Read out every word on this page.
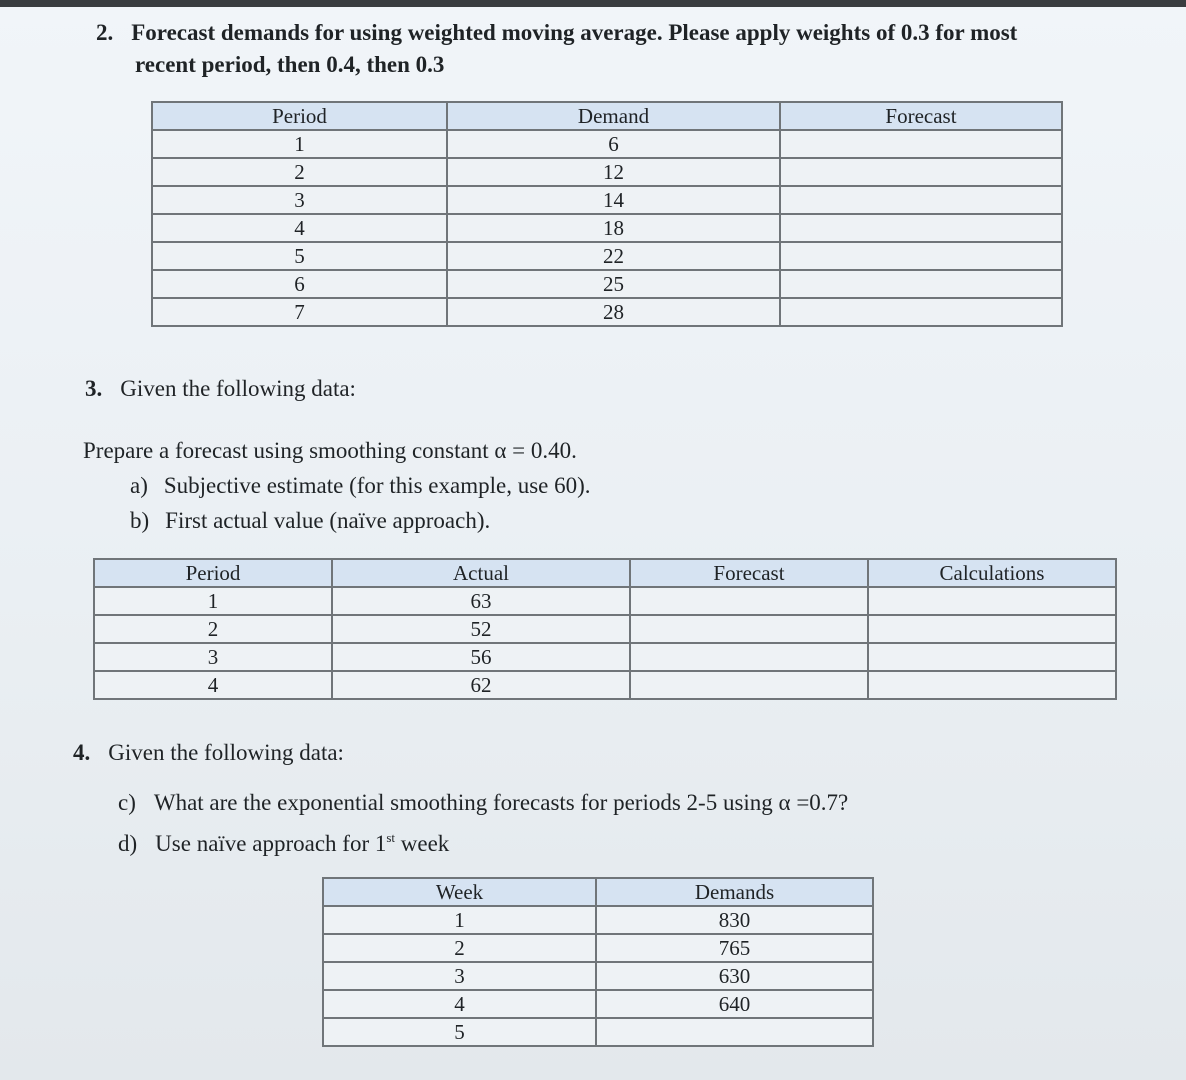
2. Forecast demands for using weighted moving average. Please apply weights of 0.3 for most
recent period, then 0.4, then 0.3
Period	Demand	Forecast
1	6	
2	12	
3	14	
4	18	
5	22	
6	25	
7	28	
3. Given the following data:
Prepare a forecast using smoothing constant α = 0.40.
a) Subjective estimate (for this example, use 60).
b) First actual value (naïve approach).
Period	Actual	Forecast	Calculations
1	63		
2	52		
3	56		
4	62		
4. Given the following data:
c) What are the exponential smoothing forecasts for periods 2-5 using α =0.7?
d) Use naïve approach for 1st week
Week	Demands
1	830
2	765
3	630
4	640
5	
